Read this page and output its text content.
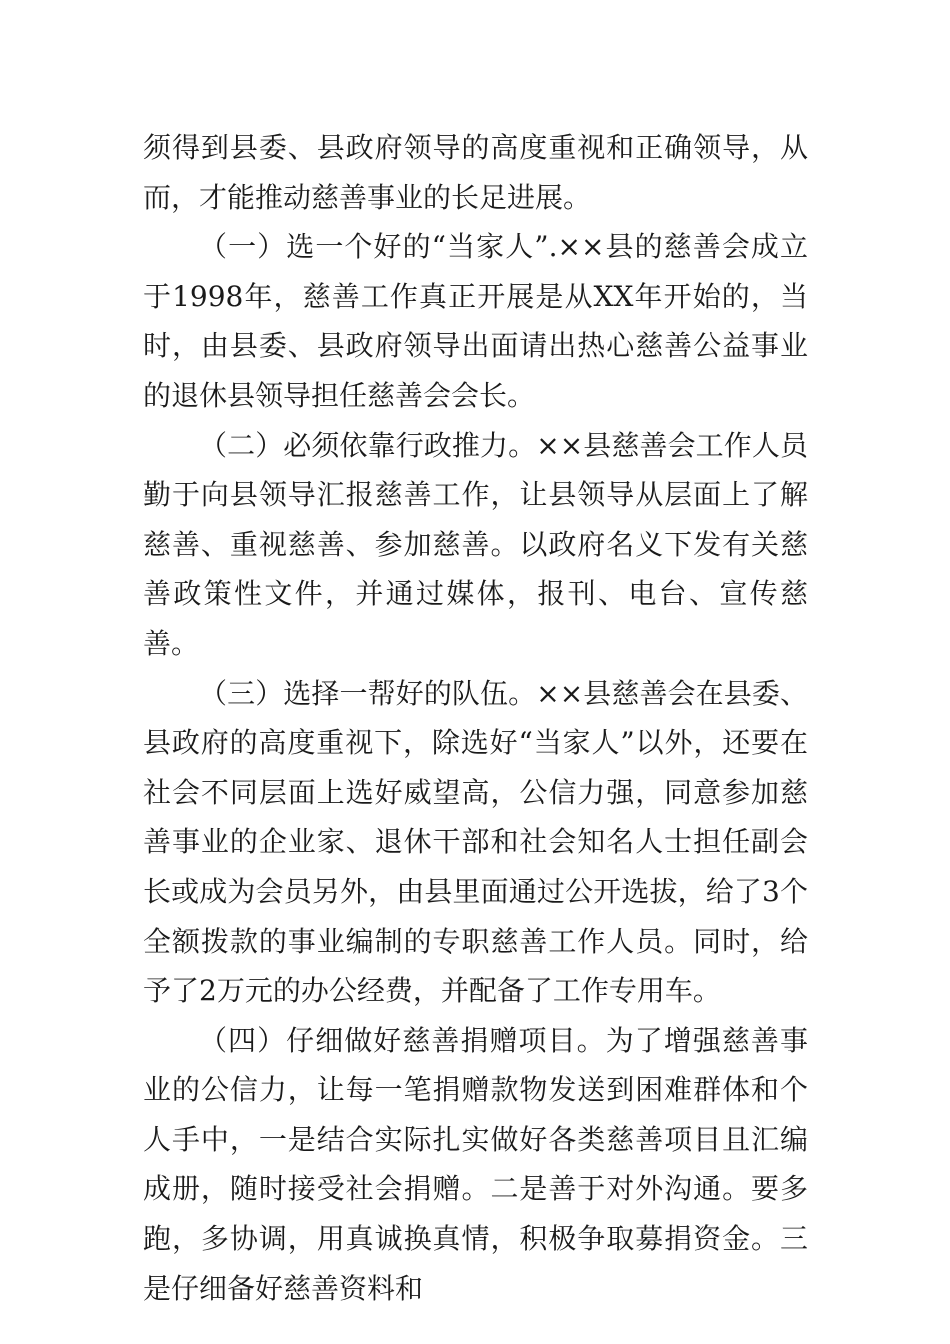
须得到县委、县政府领导的高度重视和正确领导，从而，才能推动慈善事业的长足进展。

（一）选一个好的“当家人”.××县的慈善会成立于1998年，慈善工作真正开展是从XX年开始的，当时，由县委、县政府领导出面请出热心慈善公益事业的退休县领导担任慈善会会长。

（二）必须依靠行政推力。××县慈善会工作人员勤于向县领导汇报慈善工作，让县领导从层面上了解慈善、重视慈善、参加慈善。以政府名义下发有关慈善政策性文件，并通过媒体，报刊、电台、宣传慈善。

（三）选择一帮好的队伍。××县慈善会在县委、县政府的高度重视下，除选好“当家人”以外，还要在社会不同层面上选好威望高，公信力强，同意参加慈善事业的企业家、退休干部和社会知名人士担任副会长或成为会员另外，由县里面通过公开选拔，给了3个全额拨款的事业编制的专职慈善工作人员。同时，给予了2万元的办公经费，并配备了工作专用车。

（四）仔细做好慈善捐赠项目。为了增强慈善事业的公信力，让每一笔捐赠款物发送到困难群体和个人手中，一是结合实际扎实做好各类慈善项目且汇编成册，随时接受社会捐赠。二是善于对外沟通。要多跑，多协调，用真诚换真情，积极争取募捐资金。三是仔细备好慈善资料和
